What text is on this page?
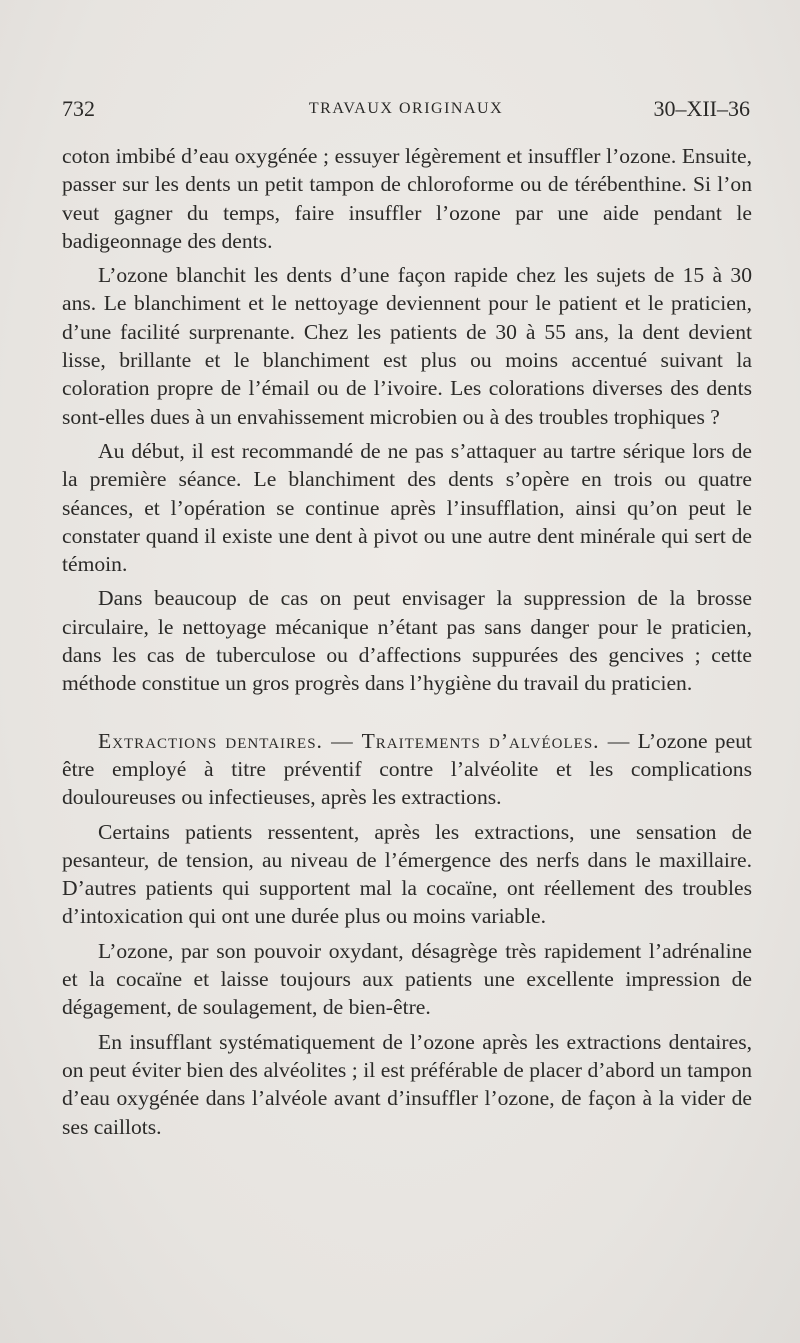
732	TRAVAUX ORIGINAUX	30–XII–36

coton imbibé d’eau oxygénée ; essuyer légèrement et insuffler l’ozone. Ensuite, passer sur les dents un petit tampon de chloroforme ou de térébenthine. Si l’on veut gagner du temps, faire insuffler l’ozone par une aide pendant le badigeonnage des dents.

L’ozone blanchit les dents d’une façon rapide chez les sujets de 15 à 30 ans. Le blanchiment et le nettoyage deviennent pour le patient et le praticien, d’une facilité surprenante. Chez les patients de 30 à 55 ans, la dent devient lisse, brillante et le blanchiment est plus ou moins accentué suivant la coloration propre de l’émail ou de l’ivoire. Les colorations diverses des dents sont-elles dues à un envahissement microbien ou à des troubles trophiques ?

Au début, il est recommandé de ne pas s’attaquer au tartre sérique lors de la première séance. Le blanchiment des dents s’opère en trois ou quatre séances, et l’opération se continue après l’insufflation, ainsi qu’on peut le constater quand il existe une dent à pivot ou une autre dent minérale qui sert de témoin.

Dans beaucoup de cas on peut envisager la suppression de la brosse circulaire, le nettoyage mécanique n’étant pas sans danger pour le praticien, dans les cas de tuberculose ou d’affections suppurées des gencives ; cette méthode constitue un gros progrès dans l’hygiène du travail du praticien.

Extractions dentaires. — Traitements d’alvéoles. — L’ozone peut être employé à titre préventif contre l’alvéolite et les complications douloureuses ou infectieuses, après les extractions.

Certains patients ressentent, après les extractions, une sensation de pesanteur, de tension, au niveau de l’émergence des nerfs dans le maxillaire. D’autres patients qui supportent mal la cocaïne, ont réellement des troubles d’intoxication qui ont une durée plus ou moins variable.

L’ozone, par son pouvoir oxydant, désagrège très rapidement l’adrénaline et la cocaïne et laisse toujours aux patients une excellente impression de dégagement, de soulagement, de bien-être.

En insufflant systématiquement de l’ozone après les extractions dentaires, on peut éviter bien des alvéolites ; il est préférable de placer d’abord un tampon d’eau oxygénée dans l’alvéole avant d’insuffler l’ozone, de façon à la vider de ses caillots.
